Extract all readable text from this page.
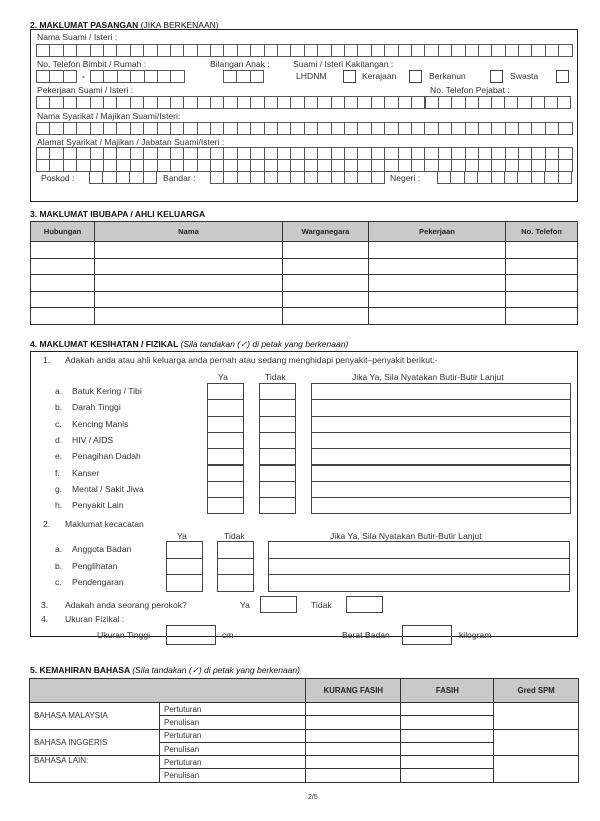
2. MAKLUMAT PASANGAN (JIKA BERKENAAN)
Nama Suami / Isteri :
No. Telefon Bimbit / Rumah :	Bilangan Anak :	Suami / Isteri Kakitangan :
-	LHDNM	Kerajaan	Berkanun	Swasta
Pekerjaan Suami / Isteri :	No. Telefon Pejabat :
Nama Syarikat / Majikan Suami/Isteri:
Alamat Syarikat / Majikan / Jabatan Suami/Isteri :
Poskod :	Bandar :	Negeri :
3. MAKLUMAT IBUBAPA / AHLI KELUARGA
Hubungan	Nama	Warganegara	Pekerjaan	No. Telefon

4. MAKLUMAT KESIHATAN / FIZIKAL (Sila tandakan (✓) di petak yang berkenaan)
1. Adakah anda atau ahli keluarga anda pernah atau sedang menghidapi penyakit–penyakit berikut:-
Ya	Tidak	Jika Ya, Sila Nyatakan Butir-Butir Lanjut
a. Batuk Kering / Tibi
b. Darah Tinggi
c. Kencing Manis
d. HIV / AIDS
e. Penagihan Dadah
f. Kanser
g. Mental / Sakit Jiwa
h. Penyakit Lain
2. Maklumat kecacatan
Ya	Tidak	Jika Ya, Sila Nyatakan Butir-Butir Lanjut
a. Anggota Badan
b. Penglihatan
c. Pendengaran
3. Adakah anda seorang perokok?	Ya	Tidak
4. Ukuran Fizikal :
Ukuran Tinggi	cm	Berat Badan	kilogram
5. KEMAHIRAN BAHASA (Sila tandakan (✓) di petak yang berkenaan)
		KURANG FASIH	FASIH	Gred SPM
BAHASA MALAYSIA	Pertuturan			
	Penulisan			
BAHASA INGGERIS	Pertuturan			
	Penulisan			
BAHASA LAIN:	Pertuturan			
	Penulisan			
2/5
